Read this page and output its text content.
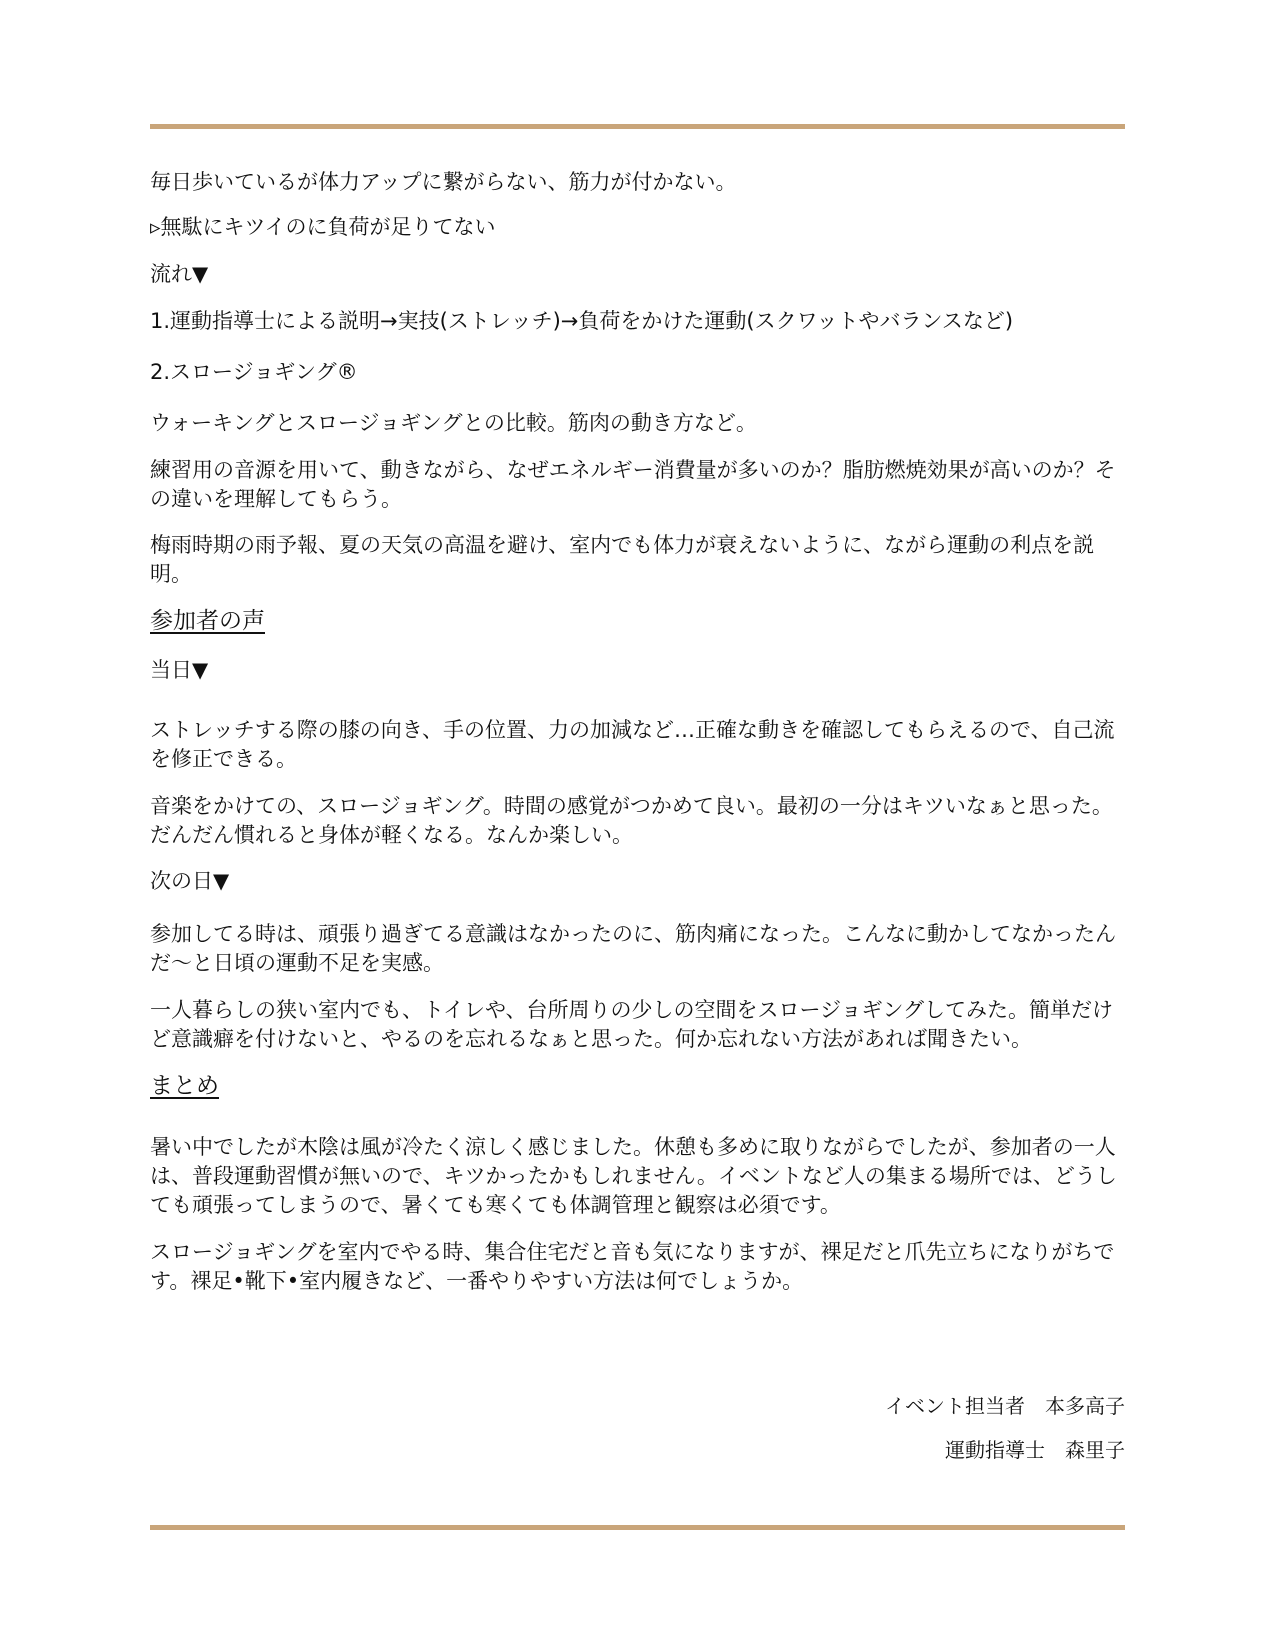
毎日歩いているが体力アップに繋がらない、筋力が付かない。

▹無駄にキツイのに負荷が足りてない

流れ▼

1.運動指導士による説明→実技(ストレッチ)→負荷をかけた運動(スクワットやバランスなど)

2.スロージョギング®

ウォーキングとスロージョギングとの比較。筋肉の動き方など。

練習用の音源を用いて、動きながら、なぜエネルギー消費量が多いのか？脂肪燃焼効果が高いのか？その違いを理解してもらう。

梅雨時期の雨予報、夏の天気の高温を避け、室内でも体力が衰えないように、ながら運動の利点を説明。

参加者の声

当日▼

ストレッチする際の膝の向き、手の位置、力の加減など…正確な動きを確認してもらえるので、自己流を修正できる。

音楽をかけての、スロージョギング。時間の感覚がつかめて良い。最初の一分はキツいなぁと思った。だんだん慣れると身体が軽くなる。なんか楽しい。

次の日▼

参加してる時は、頑張り過ぎてる意識はなかったのに、筋肉痛になった。こんなに動かしてなかったんだ～と日頃の運動不足を実感。

一人暮らしの狭い室内でも、トイレや、台所周りの少しの空間をスロージョギングしてみた。簡単だけど意識癖を付けないと、やるのを忘れるなぁと思った。何か忘れない方法があれば聞きたい。

まとめ

暑い中でしたが木陰は風が冷たく涼しく感じました。休憩も多めに取りながらでしたが、参加者の一人は、普段運動習慣が無いので、キツかったかもしれません。イベントなど人の集まる場所では、どうしても頑張ってしまうので、暑くても寒くても体調管理と観察は必須です。

スロージョギングを室内でやる時、集合住宅だと音も気になりますが、裸足だと爪先立ちになりがちです。裸足•靴下•室内履きなど、一番やりやすい方法は何でしょうか。

イベント担当者　本多高子

運動指導士　森里子
